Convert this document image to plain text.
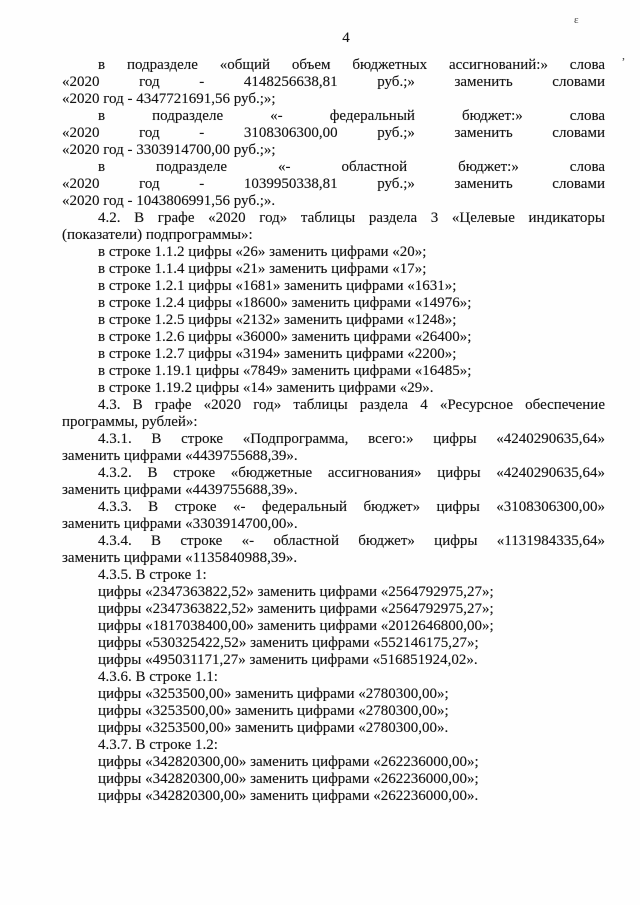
ε
,
4
в подразделе «общий объем бюджетных ассигнований:» слова
«2020 год - 4148256638,81 руб.;» заменить словами
«2020 год - 4347721691,56 руб.;»;
в подразделе «- федеральный бюджет:» слова
«2020 год - 3108306300,00 руб.;» заменить словами
«2020 год - 3303914700,00 руб.;»;
в подразделе «- областной бюджет:» слова
«2020 год - 1039950338,81 руб.;» заменить словами
«2020 год - 1043806991,56 руб.;».
4.2. В графе «2020 год» таблицы раздела 3 «Целевые индикаторы
(показатели) подпрограммы»:
в строке 1.1.2 цифры «26» заменить цифрами «20»;
в строке 1.1.4 цифры «21» заменить цифрами «17»;
в строке 1.2.1 цифры «1681» заменить цифрами «1631»;
в строке 1.2.4 цифры «18600» заменить цифрами «14976»;
в строке 1.2.5 цифры «2132» заменить цифрами «1248»;
в строке 1.2.6 цифры «36000» заменить цифрами «26400»;
в строке 1.2.7 цифры «3194» заменить цифрами «2200»;
в строке 1.19.1 цифры «7849» заменить цифрами «16485»;
в строке 1.19.2 цифры «14» заменить цифрами «29».
4.3. В графе «2020 год» таблицы раздела 4 «Ресурсное обеспечение
программы, рублей»:
4.3.1. В строке «Подпрограмма, всего:» цифры «4240290635,64»
заменить цифрами «4439755688,39».
4.3.2. В строке «бюджетные ассигнования» цифры «4240290635,64»
заменить цифрами «4439755688,39».
4.3.3. В строке «- федеральный бюджет» цифры «3108306300,00»
заменить цифрами «3303914700,00».
4.3.4. В строке «- областной бюджет» цифры «1131984335,64»
заменить цифрами «1135840988,39».
4.3.5. В строке 1:
цифры «2347363822,52» заменить цифрами «2564792975,27»;
цифры «2347363822,52» заменить цифрами «2564792975,27»;
цифры «1817038400,00» заменить цифрами «2012646800,00»;
цифры «530325422,52» заменить цифрами «552146175,27»;
цифры «495031171,27» заменить цифрами «516851924,02».
4.3.6. В строке 1.1:
цифры «3253500,00» заменить цифрами «2780300,00»;
цифры «3253500,00» заменить цифрами «2780300,00»;
цифры «3253500,00» заменить цифрами «2780300,00».
4.3.7. В строке 1.2:
цифры «342820300,00» заменить цифрами «262236000,00»;
цифры «342820300,00» заменить цифрами «262236000,00»;
цифры «342820300,00» заменить цифрами «262236000,00».
